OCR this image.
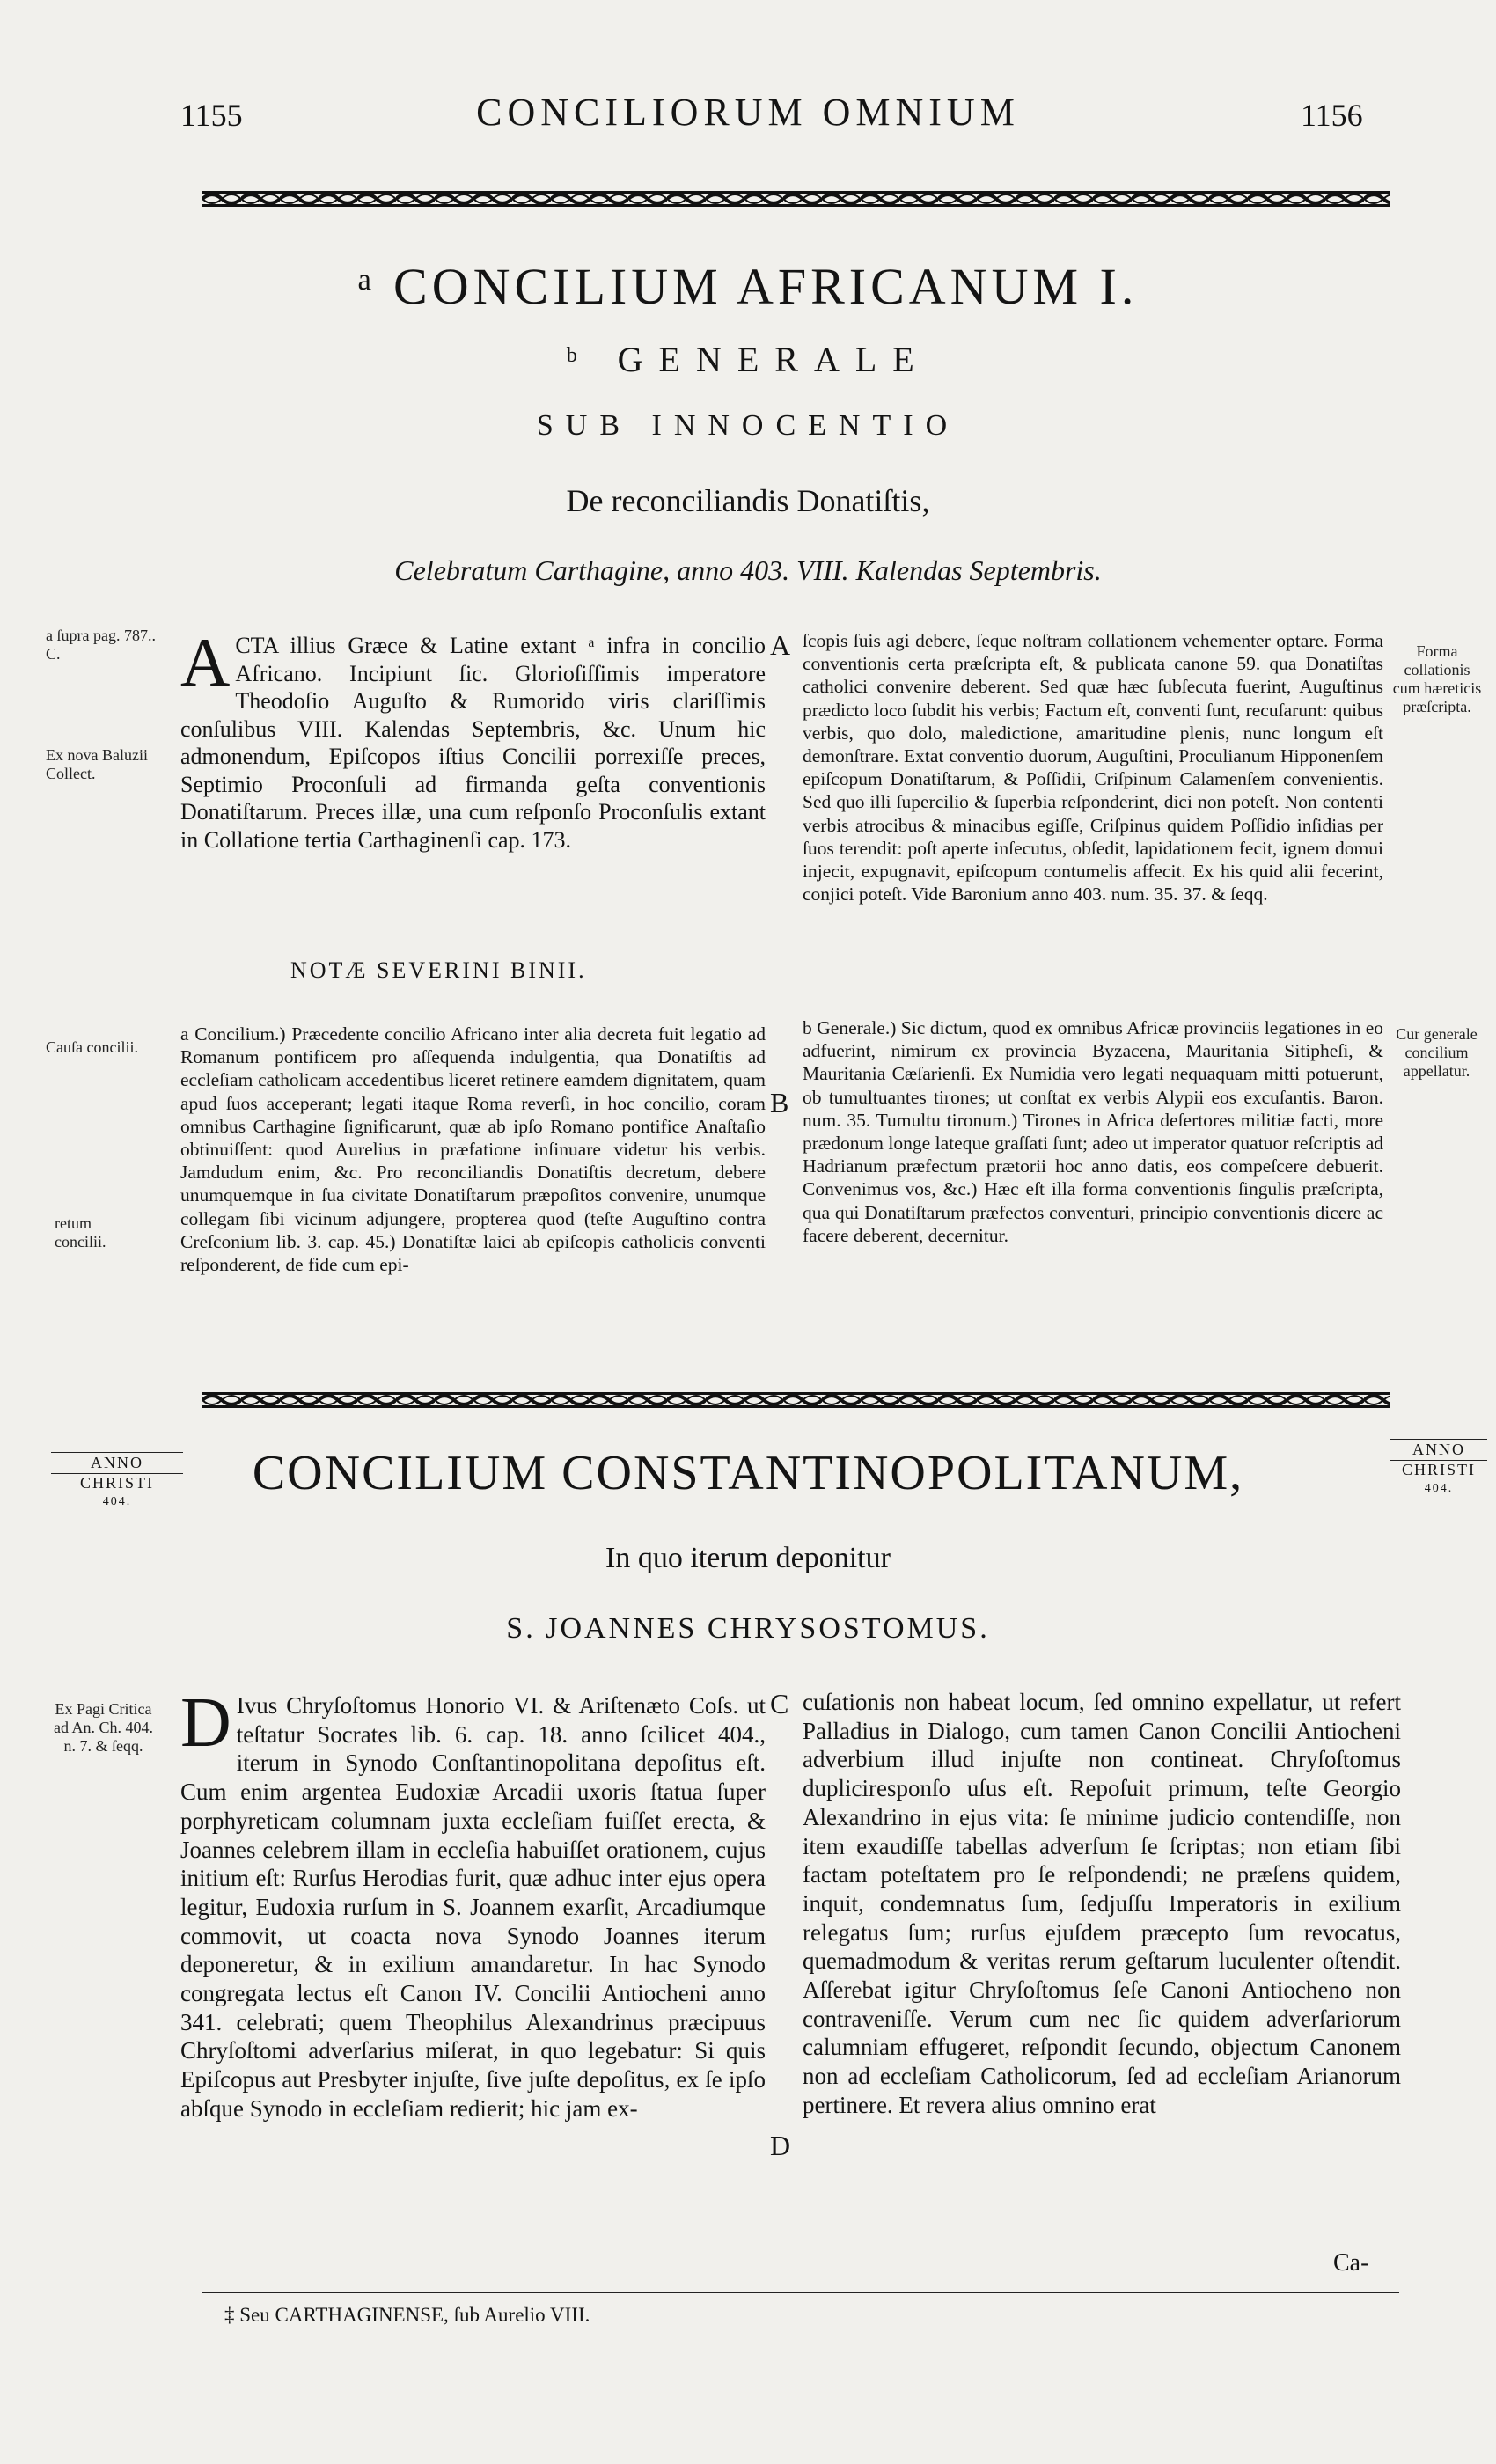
1155	CONCILIORUM OMNIUM	1156
ᵃ CONCILIUM AFRICANUM I.
ᵇ GENERALE
SUB INNOCENTIO
De reconciliandis Donatiſtis,
Celebratum Carthagine, anno 403. VIII. Kalendas Septembris.
a ſupra pag. 787.. C.
Ex nova Baluzii Collect.
Cauſa concilii.
retum concilii.
Forma collationis cum hæreticis præſcripta.
Cur generale concilium appellatur.
Ex Pagi Critica ad An. Ch. 404. n. 7. & ſeqq.
A
B
C
D
ACTA illius Græce & Latine extant ᵃ infra in concilio Africano. Incipiunt ſic. Glorioſiſſimis imperatore Theodoſio Auguſto & Rumorido viris clariſſimis conſulibus VIII. Kalendas Septembris, &c. Unum hic admonendum, Epiſcopos iſtius Concilii porrexiſſe preces, Septimio Proconſuli ad firmanda geſta conventionis Donatiſtarum. Preces illæ, una cum reſponſo Proconſulis extant in Collatione tertia Carthaginenſi cap. 173.
NOTÆ SEVERINI BINII.
a Concilium.) Præcedente concilio Africano inter alia decreta fuit legatio ad Romanum pontificem pro aſſequenda indulgentia, qua Donatiſtis ad eccleſiam catholicam accedentibus liceret retinere eamdem dignitatem, quam apud ſuos acceperant; legati itaque Roma reverſi, in hoc concilio, coram omnibus Carthagine ſignificarunt, quæ ab ipſo Romano pontifice Anaſtaſio obtinuiſſent: quod Aurelius in præfatione inſinuare videtur his verbis. Jamdudum enim, &c. Pro reconciliandis Donatiſtis decretum, debere unumquemque in ſua civitate Donatiſtarum præpoſitos convenire, unumque collegam ſibi vicinum adjungere, propterea quod (teſte Auguſtino contra Creſconium lib. 3. cap. 45.) Donatiſtæ laici ab epiſcopis catholicis conventi reſponderent, de fide cum epi-
ſcopis ſuis agi debere, ſeque noſtram collationem vehementer optare. Forma conventionis certa præſcripta eſt, & publicata canone 59. qua Donatiſtas catholici convenire deberent. Sed quæ hæc ſubſecuta fuerint, Auguſtinus prædicto loco ſubdit his verbis; Factum eſt, conventi ſunt, recuſarunt: quibus verbis, quo dolo, maledictione, amaritudine plenis, nunc longum eſt demonſtrare. Extat conventio duorum, Auguſtini, Proculianum Hipponenſem epiſcopum Donatiſtarum, & Poſſidii, Criſpinum Calamenſem convenientis. Sed quo illi ſupercilio & ſuperbia reſponderint, dici non poteſt. Non contenti verbis atrocibus & minacibus egiſſe, Criſpinus quidem Poſſidio inſidias per ſuos terendit: poſt aperte inſecutus, obſedit, lapidationem fecit, ignem domui injecit, expugnavit, epiſcopum contumelis affecit. Ex his quid alii fecerint, conjici poteſt. Vide Baronium anno 403. num. 35. 37. & ſeqq.
b Generale.) Sic dictum, quod ex omnibus Africæ provinciis legationes in eo adfuerint, nimirum ex provincia Byzacena, Mauritania Sitipheſi, & Mauritania Cæſarienſi. Ex Numidia vero legati nequaquam mitti potuerunt, ob tumultuantes tirones; ut conſtat ex verbis Alypii eos excuſantis. Baron. num. 35. Tumultu tironum.) Tirones in Africa deſertores militiæ facti, more prædonum longe lateque graſſati ſunt; adeo ut imperator quatuor reſcriptis ad Hadrianum præfectum prætorii hoc anno datis, eos compeſcere debuerit. Convenimus vos, &c.) Hæc eſt illa forma conventionis ſingulis præſcripta, qua qui Donatiſtarum præfectos conventuri, principio conventionis dicere ac facere deberent, decernitur.
ANNO
CHRISTI
404.
ANNO
CHRISTI
404.
CONCILIUM CONSTANTINOPOLITANUM,
In quo iterum deponitur
S. JOANNES CHRYSOSTOMUS.
D Ivus Chryſoſtomus Honorio VI. & Ariſtenæto Coſs. ut teſtatur Socrates lib. 6. cap. 18. anno ſcilicet 404., iterum in Synodo Conſtantinopolitana depoſitus eſt. Cum enim argentea Eudoxiæ Arcadii uxoris ſtatua ſuper porphyreticam columnam juxta eccleſiam fuiſſet erecta, & Joannes celebrem illam in eccleſia habuiſſet orationem, cujus initium eſt: Rurſus Herodias furit, quæ adhuc inter ejus opera legitur, Eudoxia rurſum in S. Joannem exarſit, Arcadiumque commovit, ut coacta nova Synodo Joannes iterum deponeretur, & in exilium amandaretur. In hac Synodo congregata lectus eſt Canon IV. Concilii Antiocheni anno 341. celebrati; quem Theophilus Alexandrinus præcipuus Chryſoſtomi adverſarius miſerat, in quo legebatur: Si quis Epiſcopus aut Presbyter injuſte, ſive juſte depoſitus, ex ſe ipſo abſque Synodo in eccleſiam redierit; hic jam ex-
cuſationis non habeat locum, ſed omnino expellatur, ut refert Palladius in Dialogo, cum tamen Canon Concilii Antiocheni adverbium illud injuſte non contineat. Chryſoſtomus dupliciresponſo uſus eſt. Repoſuit primum, teſte Georgio Alexandrino in ejus vita: ſe minime judicio contendiſſe, non item exaudiſſe tabellas adverſum ſe ſcriptas; non etiam ſibi factam poteſtatem pro ſe reſpondendi; ne præſens quidem, inquit, condemnatus ſum, ſedjuſſu Imperatoris in exilium relegatus ſum; rurſus ejuſdem præcepto ſum revocatus, quemadmodum & veritas rerum geſtarum luculenter oſtendit. Aſſerebat igitur Chryſoſtomus ſeſe Canoni Antiocheno non contraveniſſe. Verum cum nec ſic quidem adverſariorum calumniam effugeret, reſpondit ſecundo, objectum Canonem non ad eccleſiam Catholicorum, ſed ad eccleſiam Arianorum pertinere. Et revera alius omnino erat
Ca-
‡ Seu CARTHAGINENSE, ſub Aurelio VIII.
